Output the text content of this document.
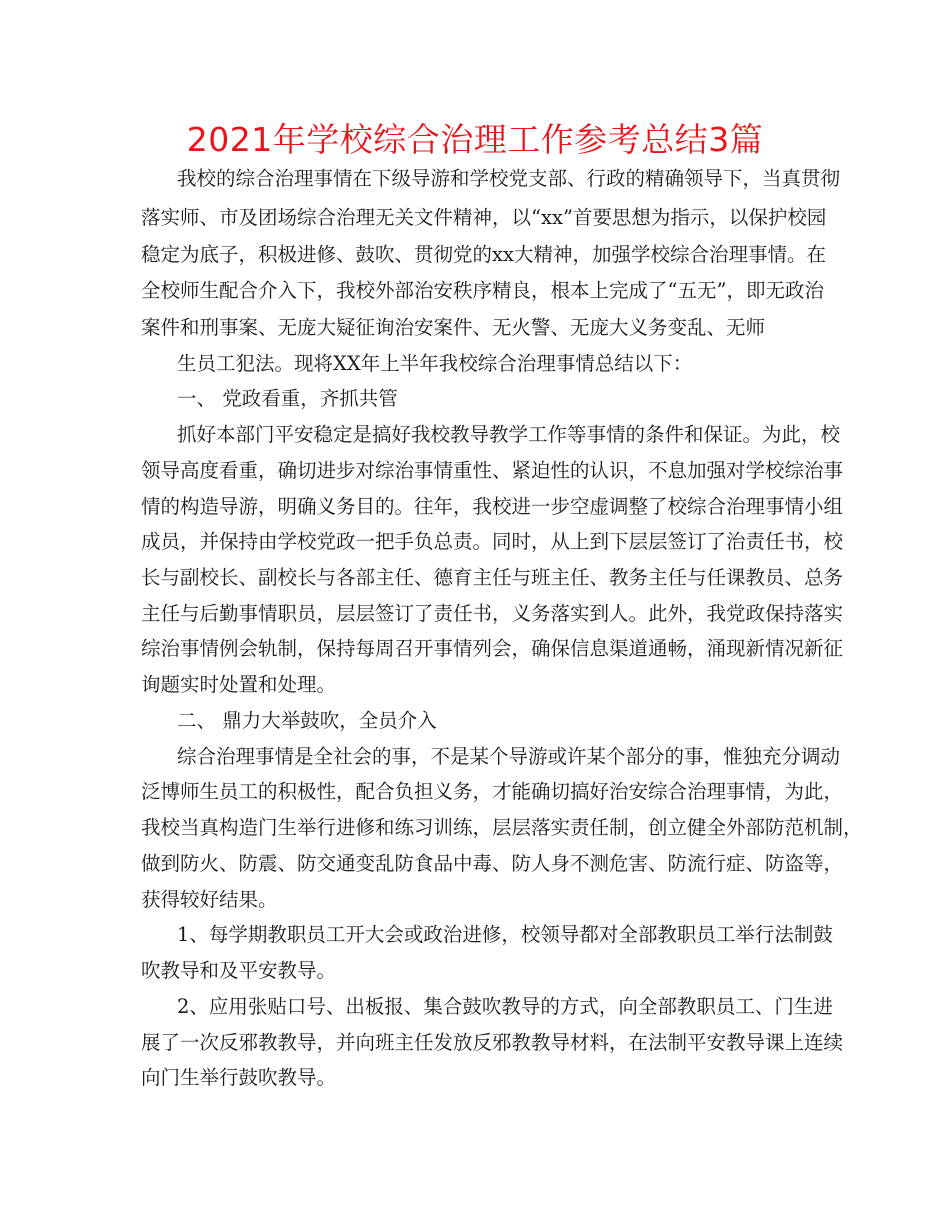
2021年学校综合治理工作参考总结3篇
我校的综合治理事情在下级导游和学校党支部、行政的精确领导下，当真贯彻
落实师、市及团场综合治理无关文件精神，以“xx”首要思想为指示，以保护校园
稳定为底子，积极进修、鼓吹、贯彻党的xx大精神，加强学校综合治理事情。在
全校师生配合介入下，我校外部治安秩序精良，根本上完成了“五无”，即无政治
案件和刑事案、无庞大疑征询治安案件、无火警、无庞大义务变乱、无师
生员工犯法。现将XX年上半年我校综合治理事情总结以下：
一、 党政看重，齐抓共管
抓好本部门平安稳定是搞好我校教导教学工作等事情的条件和保证。为此，校
领导高度看重，确切进步对综治事情重性、紧迫性的认识，不息加强对学校综治事
情的构造导游，明确义务目的。往年，我校进一步空虚调整了校综合治理事情小组
成员，并保持由学校党政一把手负总责。同时，从上到下层层签订了治责任书，校
长与副校长、副校长与各部主任、德育主任与班主任、教务主任与任课教员、总务
主任与后勤事情职员，层层签订了责任书，义务落实到人。此外，我党政保持落实
综治事情例会轨制，保持每周召开事情列会，确保信息渠道通畅，涌现新情况新征
询题实时处置和处理。
二、 鼎力大举鼓吹，全员介入
综合治理事情是全社会的事，不是某个导游或许某个部分的事，惟独充分调动
泛博师生员工的积极性，配合负担义务，才能确切搞好治安综合治理事情，为此，
我校当真构造门生举行进修和练习训练，层层落实责任制，创立健全外部防范机制，
做到防火、防震、防交通变乱防食品中毒、防人身不测危害、防流行症、防盗等，
获得较好结果。
1、每学期教职员工开大会或政治进修，校领导都对全部教职员工举行法制鼓
吹教导和及平安教导。
2、应用张贴口号、出板报、集合鼓吹教导的方式，向全部教职员工、门生进
展了一次反邪教教导，并向班主任发放反邪教教导材料，在法制平安教导课上连续
向门生举行鼓吹教导。
